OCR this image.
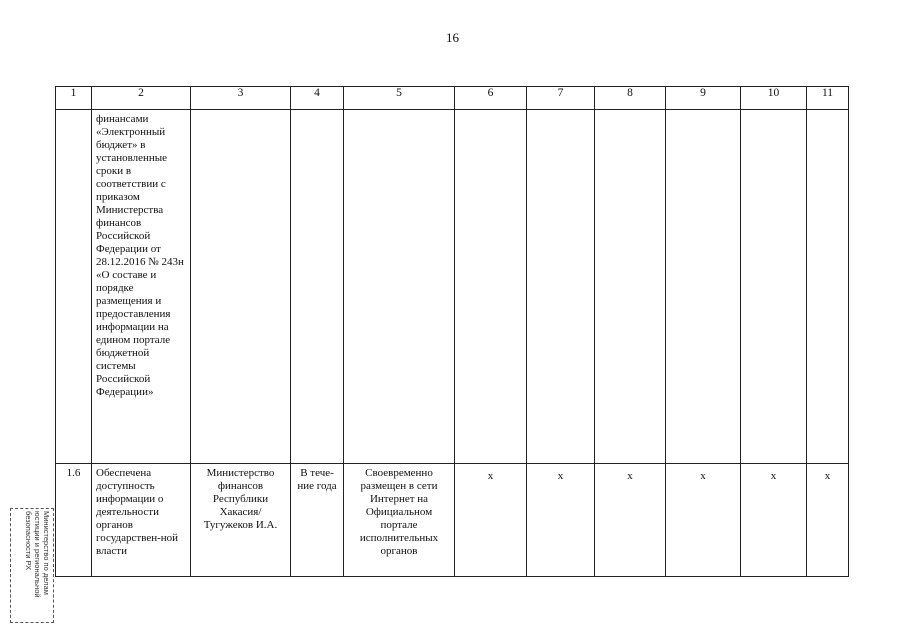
16
1	2	3	4	5	6	7	8	9	10	11

	финансами «Электронный бюджет» в установленные сроки в соответствии с приказом Министерства финансов Российской Федерации от 28.12.2016 № 243н «О составе и порядке размещения и предоставления информации на едином портале бюджетной системы Российской Федерации»									

1.6	Обеспечена доступность информации о деятельности органов государствен-ной власти	Министерство финансов Республики Хакасия/ Тугужеков И.А.	В тече-ние года	Своевременно размещен в сети Интернет на Официальном портале исполнительных органов	x	x	x	x	x	x
Министерство по делам
юстиции и региональной
безопасности РХ
